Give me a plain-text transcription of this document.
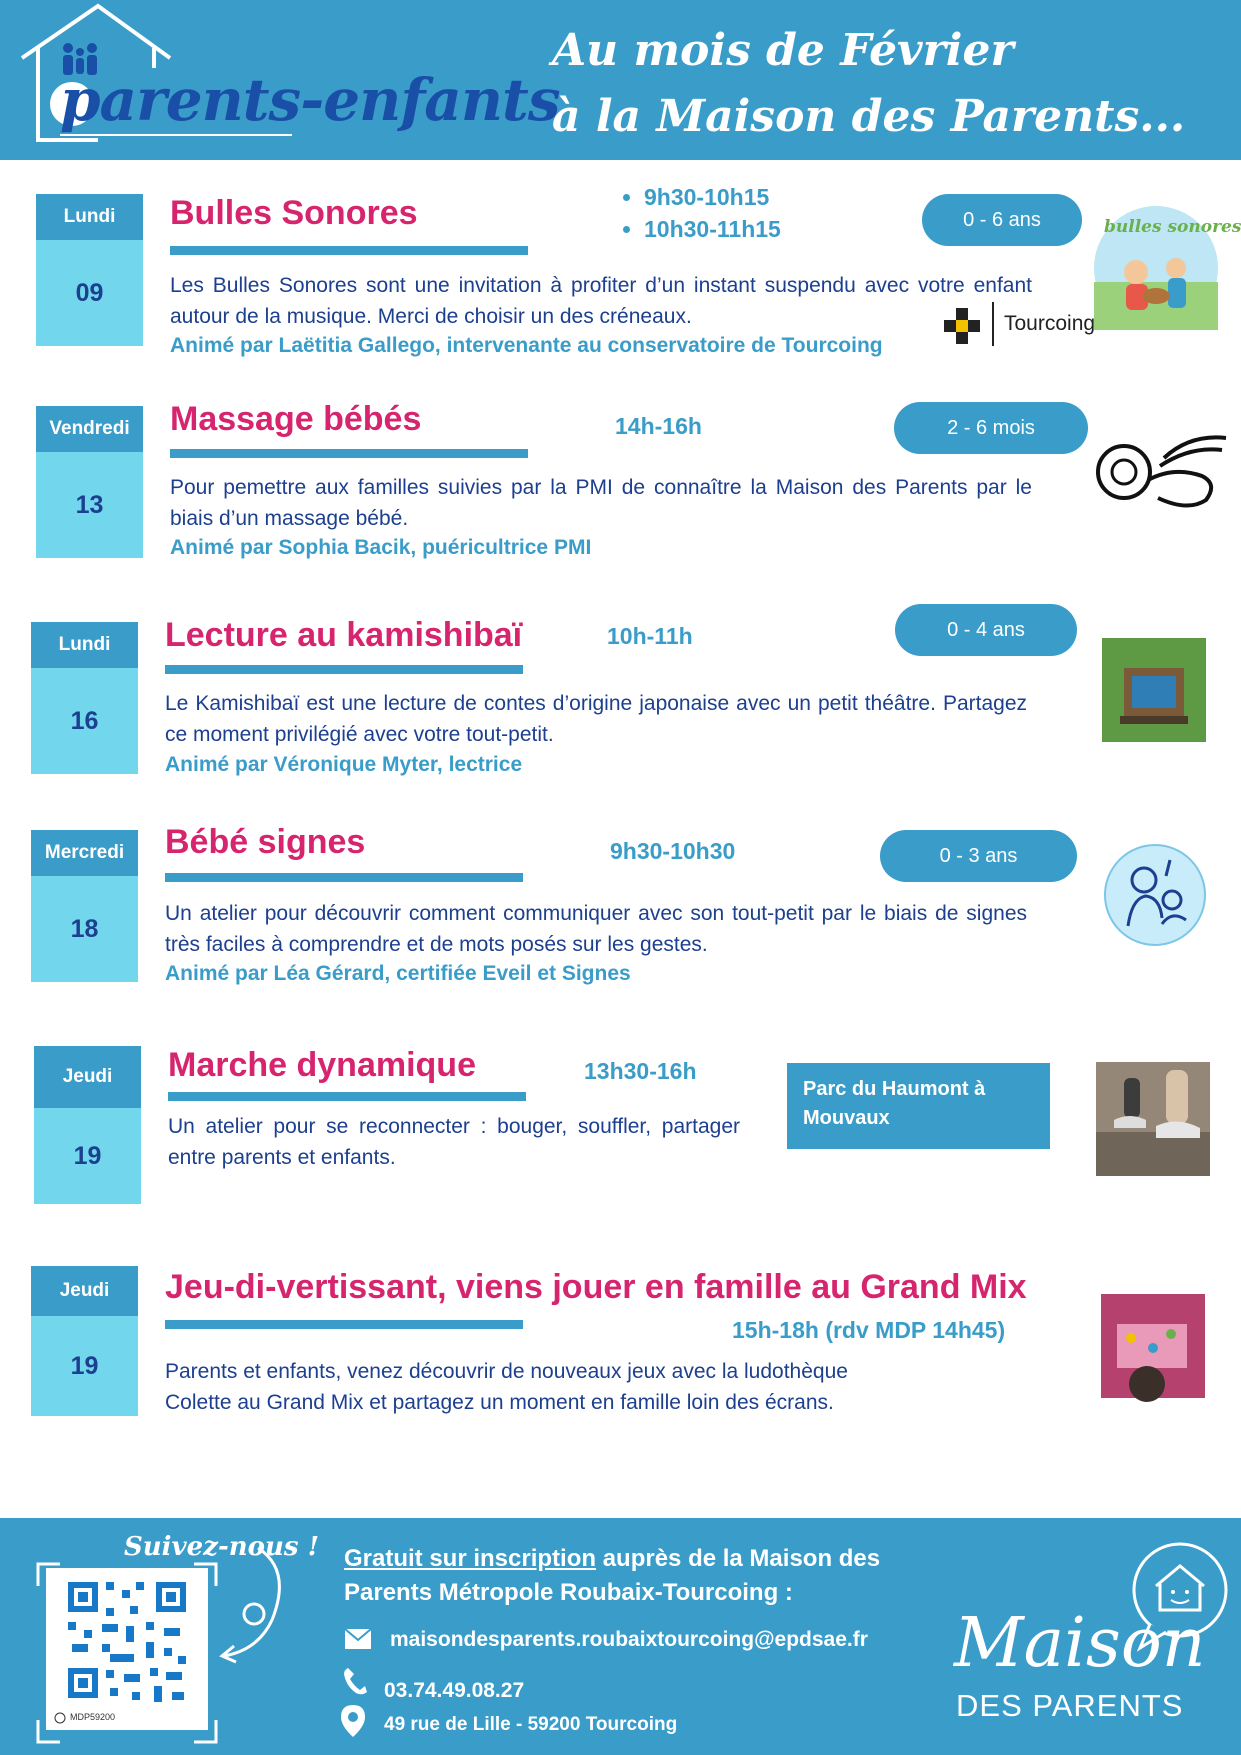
parents-enfants
Au mois de Février
à la Maison des Parents...
Lundi
09
Bulles Sonores
•	9h30-10h15
• 10h30-11h15	0 - 6 ans
Les Bulles Sonores sont une invitation à profiter d’un instant suspendu avec votre enfant autour de la musique. Merci de choisir un des créneaux.
Animé par Laëtitia Gallego, intervenante au conservatoire de Tourcoing
bulles sonores
Tourcoing
Vendredi
13
Massage bébés	14h-16h	2 - 6 mois
Pour pemettre aux familles suivies par la PMI de connaître la Maison des Parents par le biais d’un massage bébé.
Animé par Sophia Bacik, puéricultrice PMI
Lundi
16
Lecture au kamishibaï	10h-11h	0 - 4 ans
Le Kamishibaï est une lecture de contes d’origine japonaise avec un petit théâtre. Partagez ce moment privilégié avec votre tout-petit.
Animé par Véronique Myter, lectrice
Mercredi
18
Bébé signes	9h30-10h30	0 - 3 ans
Un atelier pour découvrir comment communiquer avec son tout-petit par le biais de signes très faciles à comprendre et de mots posés sur les gestes.
Animé par Léa Gérard, certifiée Eveil et Signes
Jeudi
19
Marche dynamique	13h30-16h
Parc du Haumont à Mouvaux
Un atelier pour se reconnecter : bouger, souffler, partager entre parents et enfants.
Jeudi
19
Jeu-di-vertissant, viens jouer en famille au Grand Mix
15h-18h (rdv MDP 14h45)
Parents et enfants, venez découvrir de nouveaux jeux avec la ludothèque
Colette au Grand Mix et partagez un moment en famille loin des écrans.
Suivez-nous !
MDP59200
Gratuit sur inscription auprès de la Maison des Parents Métropole Roubaix-Tourcoing :
maisondesparents.roubaixtourcoing@epdsae.fr
03.74.49.08.27
49 rue de Lille - 59200 Tourcoing
Maison
DES PARENTS
